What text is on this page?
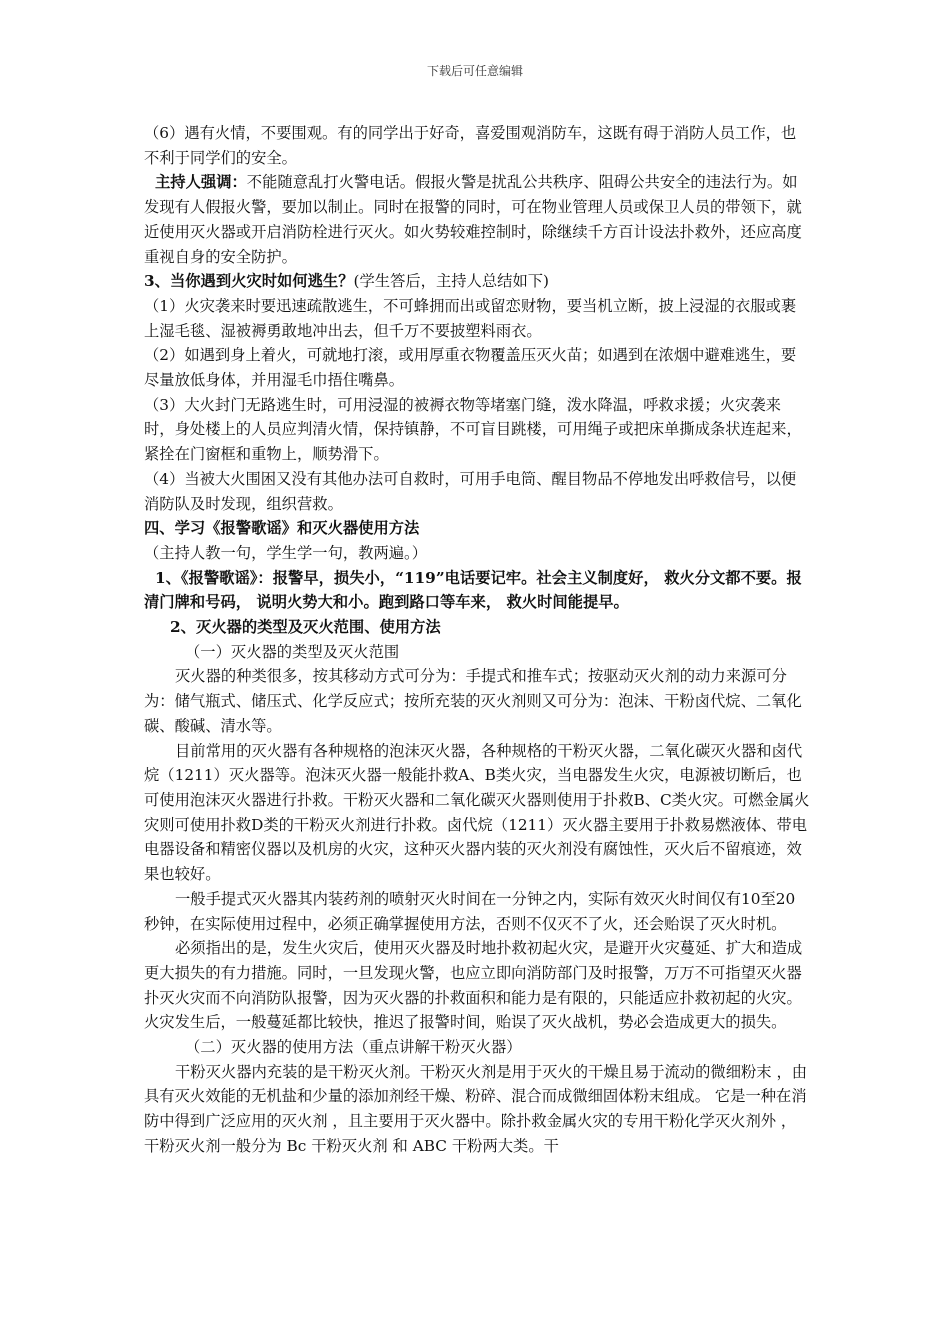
下载后可任意编辑

（6）遇有火情，不要围观。有的同学出于好奇，喜爱围观消防车，这既有碍于消防人员工作，也不利于同学们的安全。

主持人强调：不能随意乱打火警电话。假报火警是扰乱公共秩序、阻碍公共安全的违法行为。如发现有人假报火警，要加以制止。同时在报警的同时，可在物业管理人员或保卫人员的带领下，就近使用灭火器或开启消防栓进行灭火。如火势较难控制时，除继续千方百计设法扑救外，还应高度重视自身的安全防护。

3、当你遇到火灾时如何逃生？(学生答后，主持人总结如下)

（1）火灾袭来时要迅速疏散逃生，不可蜂拥而出或留恋财物，要当机立断，披上浸湿的衣服或裹上湿毛毯、湿被褥勇敢地冲出去，但千万不要披塑料雨衣。

（2）如遇到身上着火，可就地打滚，或用厚重衣物覆盖压灭火苗；如遇到在浓烟中避难逃生，要尽量放低身体，并用湿毛巾捂住嘴鼻。

（3）大火封门无路逃生时，可用浸湿的被褥衣物等堵塞门缝，泼水降温，呼救求援；火灾袭来时，身处楼上的人员应判清火情，保持镇静，不可盲目跳楼，可用绳子或把床单撕成条状连起来，紧拴在门窗框和重物上，顺势滑下。

（4）当被大火围困又没有其他办法可自救时，可用手电筒、醒目物品不停地发出呼救信号，以便消防队及时发现，组织营救。

四、学习《报警歌谣》和灭火器使用方法

（主持人教一句，学生学一句，教两遍。）

1、《报警歌谣》：报警早，损失小，“119”电话要记牢。社会主义制度好， 救火分文都不要。报清门牌和号码， 说明火势大和小。跑到路口等车来， 救火时间能提早。

2、灭火器的类型及灭火范围、使用方法

（一）灭火器的类型及灭火范围

灭火器的种类很多，按其移动方式可分为：手提式和推车式；按驱动灭火剂的动力来源可分为：储气瓶式、储压式、化学反应式；按所充装的灭火剂则又可分为：泡沫、干粉卤代烷、二氧化碳、酸碱、清水等。

目前常用的灭火器有各种规格的泡沫灭火器，各种规格的干粉灭火器，二氧化碳灭火器和卤代烷（1211）灭火器等。泡沫灭火器一般能扑救A、B类火灾，当电器发生火灾，电源被切断后，也可使用泡沫灭火器进行扑救。干粉灭火器和二氧化碳灭火器则使用于扑救B、C类火灾。可燃金属火灾则可使用扑救D类的干粉灭火剂进行扑救。卤代烷（1211）灭火器主要用于扑救易燃液体、带电电器设备和精密仪器以及机房的火灾，这种灭火器内装的灭火剂没有腐蚀性，灭火后不留痕迹，效果也较好。

一般手提式灭火器其内装药剂的喷射灭火时间在一分钟之内，实际有效灭火时间仅有10至20秒钟，在实际使用过程中，必须正确掌握使用方法，否则不仅灭不了火，还会贻误了灭火时机。

必须指出的是，发生火灾后，使用灭火器及时地扑救初起火灾，是避开火灾蔓延、扩大和造成更大损失的有力措施。同时，一旦发现火警，也应立即向消防部门及时报警，万万不可指望灭火器扑灭火灾而不向消防队报警，因为灭火器的扑救面积和能力是有限的，只能适应扑救初起的火灾。火灾发生后，一般蔓延都比较快，推迟了报警时间，贻误了灭火战机，势必会造成更大的损失。

（二）灭火器的使用方法（重点讲解干粉灭火器）

干粉灭火器内充装的是干粉灭火剂。干粉灭火剂是用于灭火的干燥且易于流动的微细粉末 ，由具有灭火效能的无机盐和少量的添加剂经干燥、粉碎、混合而成微细固体粉末组成。 它是一种在消防中得到广泛应用的灭火剂 ，且主要用于灭火器中。除扑救金属火灾的专用干粉化学灭火剂外 ，干粉灭火剂一般分为 Bc 干粉灭火剂 和 ABC 干粉两大类。干
